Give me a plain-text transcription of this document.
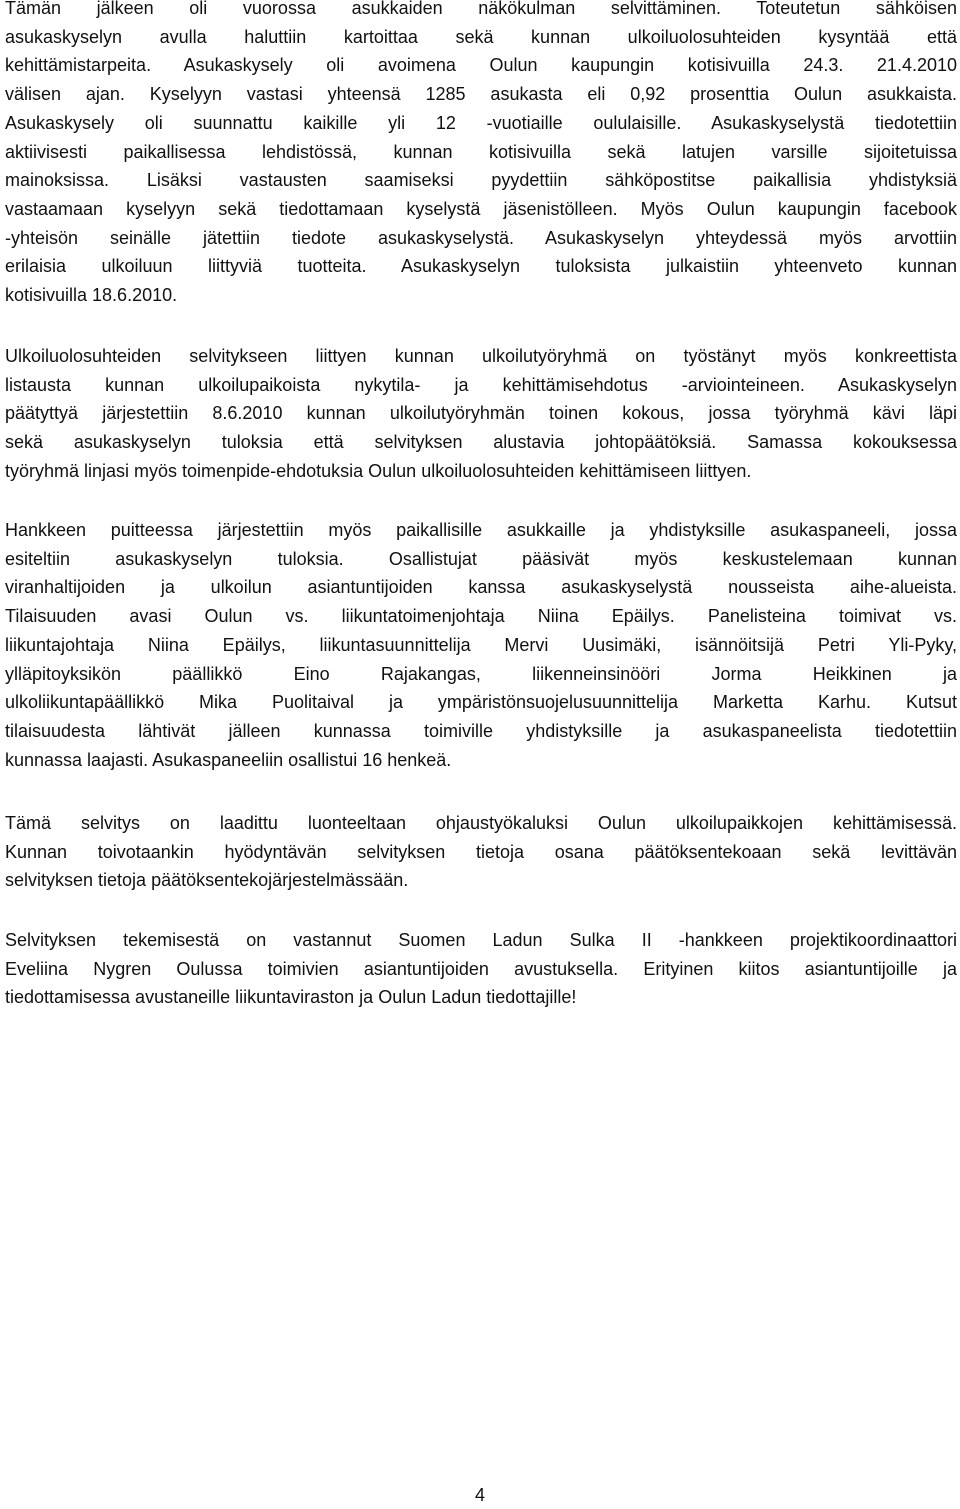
Tämän jälkeen oli vuorossa asukkaiden näkökulman selvittäminen. Toteutetun sähköisen
asukaskyselyn avulla haluttiin kartoittaa sekä kunnan ulkoiluolosuhteiden kysyntää että
kehittämistarpeita. Asukaskysely oli avoimena Oulun kaupungin kotisivuilla 24.3. 21.4.2010
välisen ajan. Kyselyyn vastasi yhteensä 1285 asukasta eli 0,92 prosenttia Oulun asukkaista.
Asukaskysely oli suunnattu kaikille yli 12 -vuotiaille oululaisille. Asukaskyselystä tiedotettiin
aktiivisesti paikallisessa lehdistössä, kunnan kotisivuilla sekä latujen varsille sijoitetuissa
mainoksissa. Lisäksi vastausten saamiseksi pyydettiin sähköpostitse paikallisia yhdistyksiä
vastaamaan kyselyyn sekä tiedottamaan kyselystä jäsenistölleen. Myös Oulun kaupungin facebook
-yhteisön seinälle jätettiin tiedote asukaskyselystä. Asukaskyselyn yhteydessä myös arvottiin
erilaisia ulkoiluun liittyviä tuotteita. Asukaskyselyn tuloksista julkaistiin yhteenveto kunnan
kotisivuilla 18.6.2010.

Ulkoiluolosuhteiden selvitykseen liittyen kunnan ulkoilutyöryhmä on työstänyt myös konkreettista
listausta kunnan ulkoilupaikoista nykytila- ja kehittämisehdotus -arviointeineen. Asukaskyselyn
päätyttyä järjestettiin 8.6.2010 kunnan ulkoilutyöryhmän toinen kokous, jossa työryhmä kävi läpi
sekä asukaskyselyn tuloksia että selvityksen alustavia johtopäätöksiä. Samassa kokouksessa
työryhmä linjasi myös toimenpide-ehdotuksia Oulun ulkoiluolosuhteiden kehittämiseen liittyen.

Hankkeen puitteessa järjestettiin myös paikallisille asukkaille ja yhdistyksille asukaspaneeli, jossa
esiteltiin asukaskyselyn tuloksia. Osallistujat pääsivät myös keskustelemaan kunnan
viranhaltijoiden ja ulkoilun asiantuntijoiden kanssa asukaskyselystä nousseista aihe-alueista.
Tilaisuuden avasi Oulun vs. liikuntatoimenjohtaja Niina Epäilys. Panelisteina toimivat vs.
liikuntajohtaja Niina Epäilys, liikuntasuunnittelija Mervi Uusimäki, isännöitsijä Petri Yli-Pyky,
ylläpitoyksikön päällikkö Eino Rajakangas, liikenneinsinööri Jorma Heikkinen ja
ulkoliikuntapäällikkö Mika Puolitaival ja ympäristönsuojelusuunnittelija Marketta Karhu. Kutsut
tilaisuudesta lähtivät jälleen kunnassa toimiville yhdistyksille ja asukaspaneelista tiedotettiin
kunnassa laajasti. Asukaspaneeliin osallistui 16 henkeä.

Tämä selvitys on laadittu luonteeltaan ohjaustyökaluksi Oulun ulkoilupaikkojen kehittämisessä.
Kunnan toivotaankin hyödyntävän selvityksen tietoja osana päätöksentekoaan sekä levittävän
selvityksen tietoja päätöksentekojärjestelmässään.

Selvityksen tekemisestä on vastannut Suomen Ladun Sulka II -hankkeen projektikoordinaattori
Eveliina Nygren Oulussa toimivien asiantuntijoiden avustuksella. Erityinen kiitos asiantuntijoille ja
tiedottamisessa avustaneille liikuntaviraston ja Oulun Ladun tiedottajille!

4
